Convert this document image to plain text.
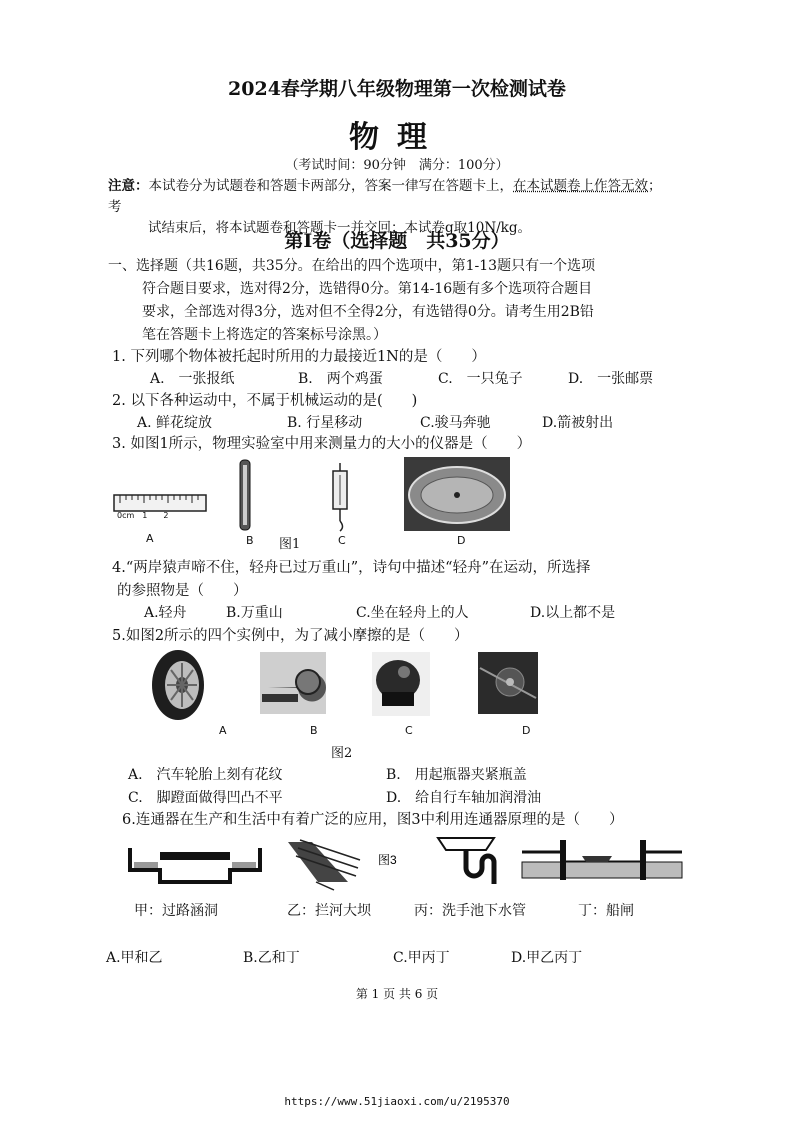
2024春学期八年级物理第一次检测试卷
物理
（考试时间：90分钟　满分：100分）
注意：本试卷分为试题卷和答题卡两部分，答案一律写在答题卡上，在本试题卷上作答无效；考
试结束后，将本试题卷和答题卡一并交回；本试卷g取10N/kg。
第I卷（选择题　共35分）
一、选择题（共16题，共35分。在给出的四个选项中，第1-13题只有一个选项
符合题目要求，选对得2分，选错得0分。第14-16题有多个选项符合题目
要求，全部选对得3分，选对但不全得2分，有选错得0分。请考生用2B铅
笔在答题卡上将选定的答案标号涂黑。）
1. 下列哪个物体被托起时所用的力最接近1N的是（　　）
A.　一张报纸	B.　两个鸡蛋	C.　一只兔子	D.　一张邮票
2. 以下各种运动中，不属于机械运动的是(　　)
A. 鲜花绽放	B. 行星移动	C.骏马奔驰	D.箭被射出
3. 如图1所示，物理实验室中用来测量力的大小的仪器是（　　）
0cm　1　　2
A	B	C	D
图1
4.“两岸猿声啼不住，轻舟已过万重山”，诗句中描述“轻舟”在运动，所选择
的参照物是（　　）
A.轻舟	B.万重山	C.坐在轻舟上的人	D.以上都不是
5.如图2所示的四个实例中，为了减小摩擦的是（　　）
A	B	C	D
图2
A.　汽车轮胎上刻有花纹	B.　用起瓶器夹紧瓶盖
C.　脚蹬面做得凹凸不平	D.　给自行车轴加润滑油
6.连通器在生产和生活中有着广泛的应用，图3中利用连通器原理的是（　　）
图3
甲：过路涵洞	乙：拦河大坝	丙：洗手池下水管	丁：船闸
A.甲和乙	B.乙和丁	C.甲丙丁	D.甲乙丙丁
第 1 页 共 6 页
https://www.51jiaoxi.com/u/2195370
